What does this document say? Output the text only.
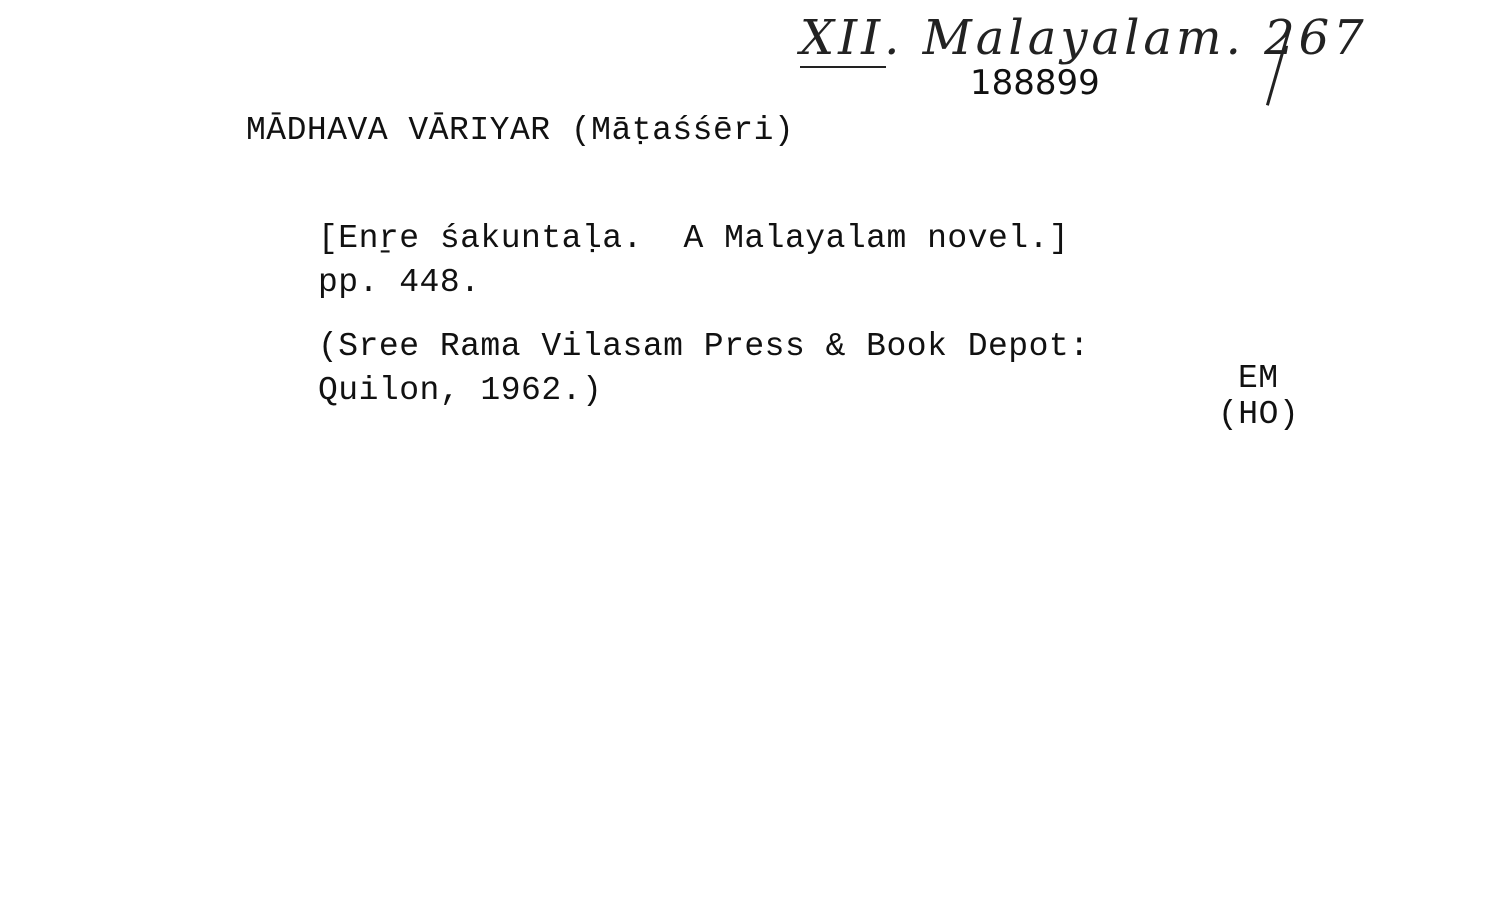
XII. Malayalam. 267
188899
MĀDHAVA VĀRIYAR (Māṭaśśēri)
[Enṟe śakuntaḷa.  A Malayalam novel.]
pp. 448.
(Sree Rama Vilasam Press & Book Depot:
Quilon, 1962.)	EM
(HO)
